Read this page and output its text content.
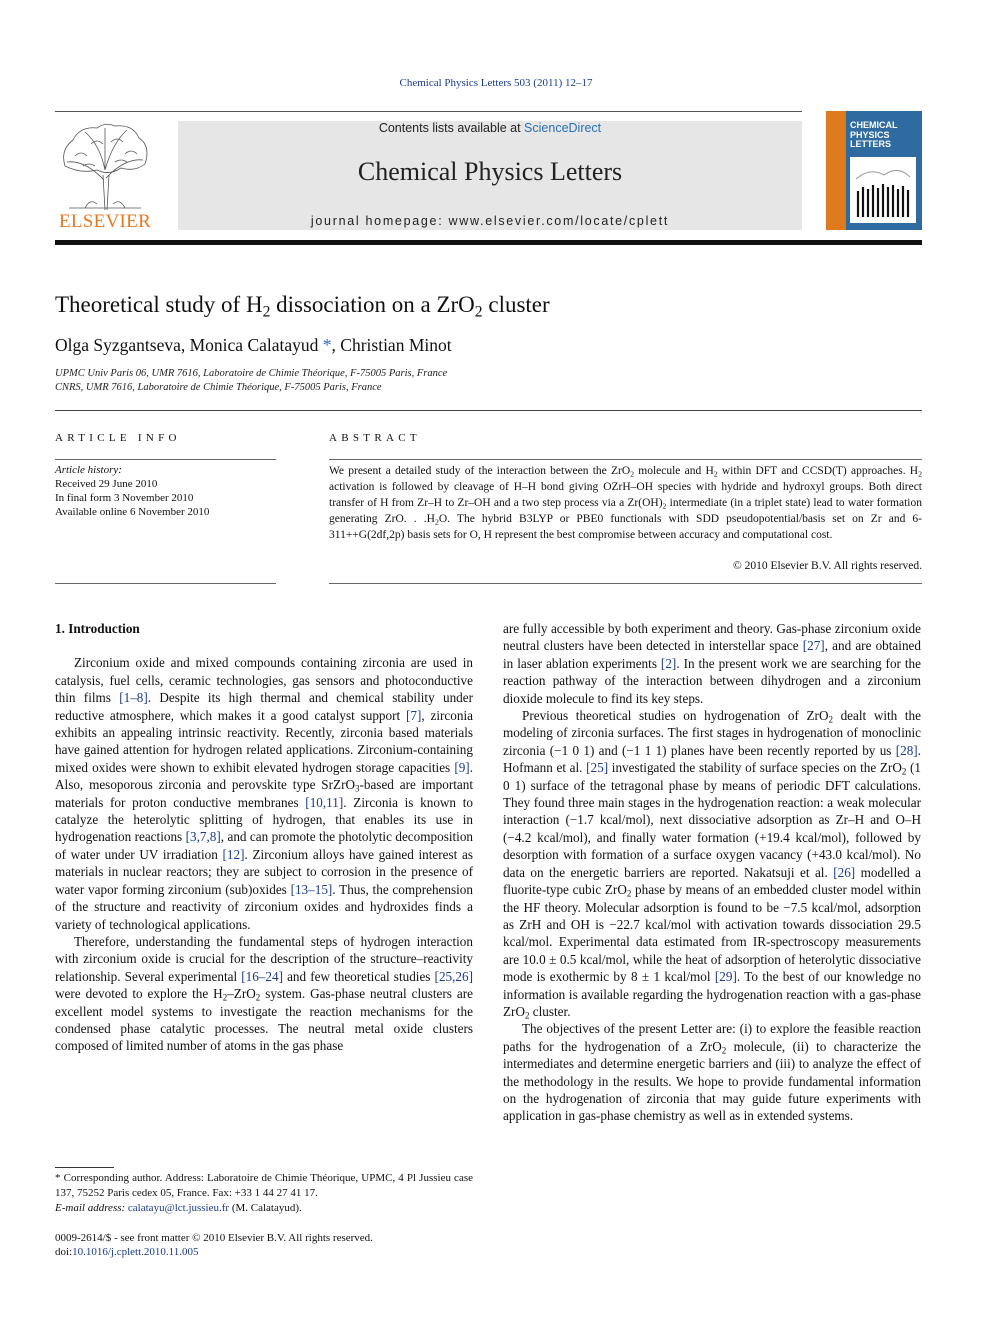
Chemical Physics Letters 503 (2011) 12–17
ELSEVIER
Contents lists available at ScienceDirect
Chemical Physics Letters
journal homepage: www.elsevier.com/locate/cplett
CHEMICAL PHYSICS LETTERS
Theoretical study of $H_2$ dissociation on a ZrO$_2$ cluster
Olga Syzgantseva, Monica Calatayud *, Christian Minot
UPMC Univ Paris 06, UMR 7616, Laboratoire de Chimie Théorique, F-75005 Paris, France
CNRS, UMR 7616, Laboratoire de Chimie Théorique, F-75005 Paris, France
ARTICLE INFO	ABSTRACT
Article history:
Received 29 June 2010
In final form 3 November 2010
Available online 6 November 2010
We present a detailed study of the interaction between the ZrO$_2$ molecule and $H_2$ within DFT and CCSD(T) approaches. $H_2$ activation is followed by cleavage of H–H bond giving OZrH–OH species with hydride and hydroxyl groups. Both direct transfer of H from Zr–H to Zr–OH and a two step process via a $Zr(OH)_2$ intermediate (in a triplet state) lead to water formation generating ZrO. . $.H_2O$. The hybrid B3LYP or PBE0 functionals with SDD pseudopotential/basis set on Zr and 6-311++G(2df,2p) basis sets for O, H represent the best compromise between accuracy and computational cost.
© 2010 Elsevier B.V. All rights reserved.

1. Introduction

Zirconium oxide and mixed compounds containing zirconia are used in catalysis, fuel cells, ceramic technologies, gas sensors and photoconductive thin films [1–8]. Despite its high thermal and chemical stability under reductive atmosphere, which makes it a good catalyst support [7], zirconia exhibits an appealing intrinsic reactivity. Recently, zirconia based materials have gained attention for hydrogen related applications. Zirconium-containing mixed oxides were shown to exhibit elevated hydrogen storage capacities [9]. Also, mesoporous zirconia and perovskite type SrZrO$_3$-based are important materials for proton conductive membranes [10,11]. Zirconia is known to catalyze the heterolytic splitting of hydrogen, that enables its use in hydrogenation reactions [3,7,8], and can promote the photolytic decomposition of water under UV irradiation [12]. Zirconium alloys have gained interest as materials in nuclear reactors; they are subject to corrosion in the presence of water vapor forming zirconium (sub)oxides [13–15]. Thus, the comprehension of the structure and reactivity of zirconium oxides and hydroxides finds a variety of technological applications.

Therefore, understanding the fundamental steps of hydrogen interaction with zirconium oxide is crucial for the description of the structure–reactivity relationship. Several experimental [16–24] and few theoretical studies [25,26] were devoted to explore the $H_2-ZrO_2$ system. Gas-phase neutral clusters are excellent model systems to investigate the reaction mechanisms for the condensed phase catalytic processes. The neutral metal oxide clusters composed of limited number of atoms in the gas phase

are fully accessible by both experiment and theory. Gas-phase zirconium oxide neutral clusters have been detected in interstellar space [27], and are obtained in laser ablation experiments [2]. In the present work we are searching for the reaction pathway of the interaction between dihydrogen and a zirconium dioxide molecule to find its key steps.

Previous theoretical studies on hydrogenation of ZrO$_2$ dealt with the modeling of zirconia surfaces. The first stages in hydrogenation of monoclinic zirconia (−1 0 1) and (−1 1 1) planes have been recently reported by us [28]. Hofmann et al. [25] investigated the stability of surface species on the ZrO$_2$ (1 0 1) surface of the tetragonal phase by means of periodic DFT calculations. They found three main stages in the hydrogenation reaction: a weak molecular interaction (−1.7 kcal/mol), next dissociative adsorption as Zr–H and O–H (−4.2 kcal/mol), and finally water formation (+19.4 kcal/mol), followed by desorption with formation of a surface oxygen vacancy (+43.0 kcal/mol). No data on the energetic barriers are reported. Nakatsuji et al. [26] modelled a fluorite-type cubic ZrO$_2$ phase by means of an embedded cluster model within the HF theory. Molecular adsorption is found to be −7.5 kcal/mol, adsorption as ZrH and OH is −22.7 kcal/mol with activation towards dissociation 29.5 kcal/mol. Experimental data estimated from IR-spectroscopy measurements are 10.0 ± 0.5 kcal/mol, while the heat of adsorption of heterolytic dissociative mode is exothermic by 8 ± 1 kcal/mol [29]. To the best of our knowledge no information is available regarding the hydrogenation reaction with a gas-phase ZrO$_2$ cluster.

The objectives of the present Letter are: (i) to explore the feasible reaction paths for the hydrogenation of a ZrO$_2$ molecule, (ii) to characterize the intermediates and determine energetic barriers and (iii) to analyze the effect of the methodology in the results. We hope to provide fundamental information on the hydrogenation of zirconia that may guide future experiments with application in gas-phase chemistry as well as in extended systems.

* Corresponding author. Address: Laboratoire de Chimie Théorique, UPMC, 4 Pl Jussieu case 137, 75252 Paris cedex 05, France. Fax: +33 1 44 27 41 17.
E-mail address: calatayu@lct.jussieu.fr (M. Calatayud).
0009-2614/$ - see front matter © 2010 Elsevier B.V. All rights reserved.
doi:10.1016/j.cplett.2010.11.005
